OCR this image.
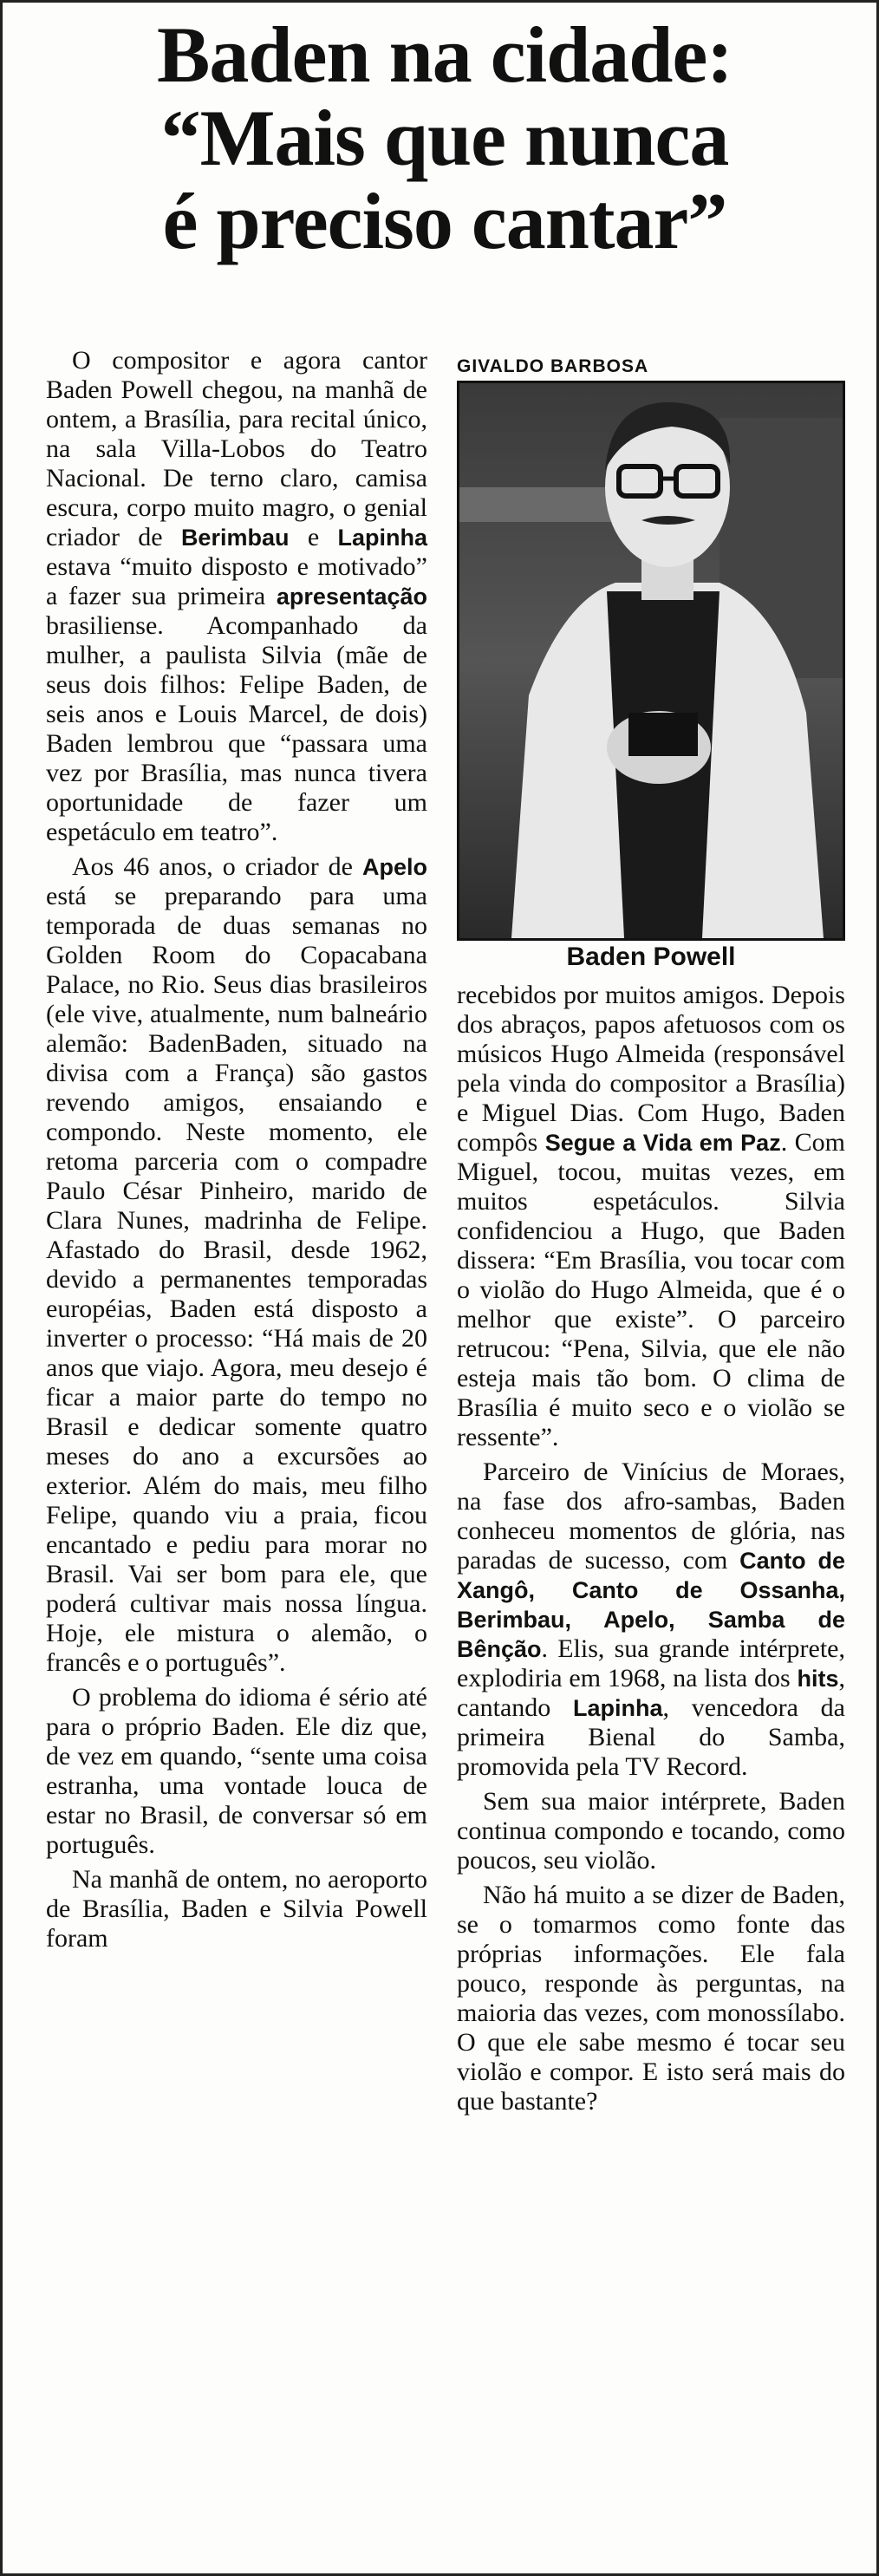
Baden na cidade:
“Mais que nunca
é preciso cantar”

O compositor e agora cantor Baden Powell chegou, na manhã de ontem, a Brasília, para recital único, na sala Villa-Lobos do Teatro Nacional. De terno claro, camisa escura, corpo muito magro, o genial criador de Berimbau e Lapinha estava “muito disposto e motivado” a fazer sua primeira apresentação brasiliense. Acompanhado da mulher, a paulista Silvia (mãe de seus dois filhos: Felipe Baden, de seis anos e Louis Marcel, de dois) Baden lembrou que “passara uma vez por Brasília, mas nunca tivera oportunidade de fazer um espetáculo em teatro”.

Aos 46 anos, o criador de Apelo está se preparando para uma temporada de duas semanas no Golden Room do Copacabana Palace, no Rio. Seus dias brasileiros (ele vive, atualmente, num balneário alemão: BadenBaden, situado na divisa com a França) são gastos revendo amigos, ensaiando e compondo. Neste momento, ele retoma parceria com o compadre Paulo César Pinheiro, marido de Clara Nunes, madrinha de Felipe. Afastado do Brasil, desde 1962, devido a permanentes temporadas européias, Baden está disposto a inverter o processo: “Há mais de 20 anos que viajo. Agora, meu desejo é ficar a maior parte do tempo no Brasil e dedicar somente quatro meses do ano a excursões ao exterior. Além do mais, meu filho Felipe, quando viu a praia, ficou encantado e pediu para morar no Brasil. Vai ser bom para ele, que poderá cultivar mais nossa língua. Hoje, ele mistura o alemão, o francês e o português”.

O problema do idioma é sério até para o próprio Baden. Ele diz que, de vez em quando, “sente uma coisa estranha, uma vontade louca de estar no Brasil, de conversar só em português.

Na manhã de ontem, no aeroporto de Brasília, Baden e Silvia Powell foram

GIVALDO BARBOSA
Baden Powell

recebidos por muitos amigos. Depois dos abraços, papos afetuosos com os músicos Hugo Almeida (responsável pela vinda do compositor a Brasília) e Miguel Dias. Com Hugo, Baden compôs Segue a Vida em Paz. Com Miguel, tocou, muitas vezes, em muitos espetáculos. Silvia confidenciou a Hugo, que Baden dissera: “Em Brasília, vou tocar com o violão do Hugo Almeida, que é o melhor que existe”. O parceiro retrucou: “Pena, Silvia, que ele não esteja mais tão bom. O clima de Brasília é muito seco e o violão se ressente”.

Parceiro de Vinícius de Moraes, na fase dos afro-sambas, Baden conheceu momentos de glória, nas paradas de sucesso, com Canto de Xangô, Canto de Ossanha, Berimbau, Apelo, Samba de Bênção. Elis, sua grande intérprete, explodiria em 1968, na lista dos hits, cantando Lapinha, vencedora da primeira Bienal do Samba, promovida pela TV Record.

Sem sua maior intérprete, Baden continua compondo e tocando, como poucos, seu violão.

Não há muito a se dizer de Baden, se o tomarmos como fonte das próprias informações. Ele fala pouco, responde às perguntas, na maioria das vezes, com monossílabo. O que ele sabe mesmo é tocar seu violão e compor. E isto será mais do que bastante?
